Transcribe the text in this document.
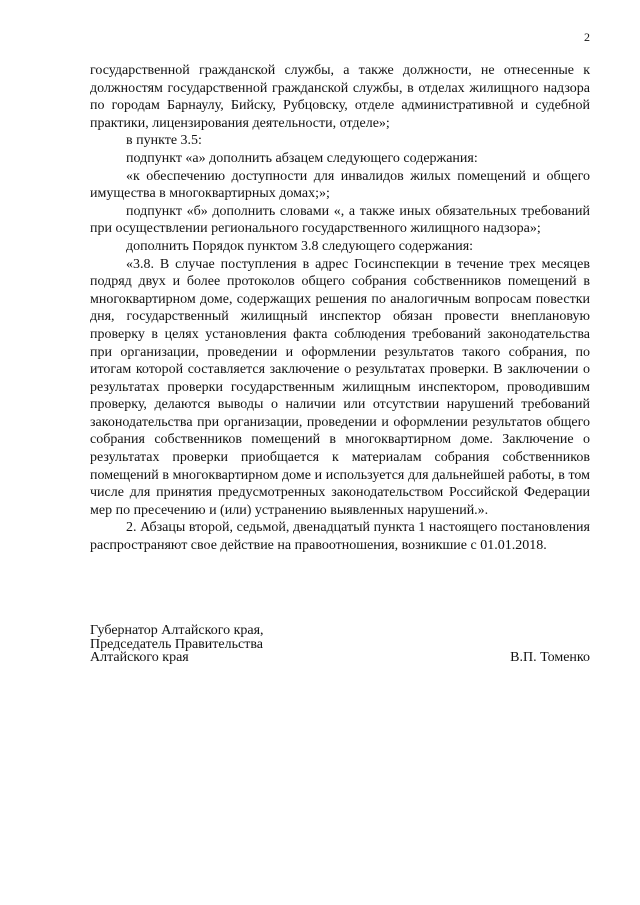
2

государственной гражданской службы, а также должности, не отнесенные к должностям государственной гражданской службы, в отделах жилищного надзора по городам Барнаулу, Бийску, Рубцовску, отделе административной и судебной практики, лицензирования деятельности, отделе»;

в пункте 3.5:

подпункт «а» дополнить абзацем следующего содержания:

«к обеспечению доступности для инвалидов жилых помещений и общего имущества в многоквартирных домах;»;

подпункт «б» дополнить словами «, а также иных обязательных требований при осуществлении регионального государственного жилищного надзора»;

дополнить Порядок пунктом 3.8 следующего содержания:

«3.8. В случае поступления в адрес Госинспекции в течение трех месяцев подряд двух и более протоколов общего собрания собственников помещений в многоквартирном доме, содержащих решения по аналогичным вопросам повестки дня, государственный жилищный инспектор обязан провести внеплановую проверку в целях установления факта соблюдения требований законодательства при организации, проведении и оформлении результатов такого собрания, по итогам которой составляется заключение о результатах проверки. В заключении о результатах проверки государственным жилищным инспектором, проводившим проверку, делаются выводы о наличии или отсутствии нарушений требований законодательства при организации, проведении и оформлении результатов общего собрания собственников помещений в многоквартирном доме. Заключение о результатах проверки приобщается к материалам собрания собственников помещений в многоквартирном доме и используется для дальнейшей работы, в том числе для принятия предусмотренных законодательством Российской Федерации мер по пресечению и (или) устранению выявленных нарушений.».

2. Абзацы второй, седьмой, двенадцатый пункта 1 настоящего постановления распространяют свое действие на правоотношения, возникшие с 01.01.2018.

Губернатор Алтайского края,
Председатель Правительства
Алтайского края	В.П. Томенко
